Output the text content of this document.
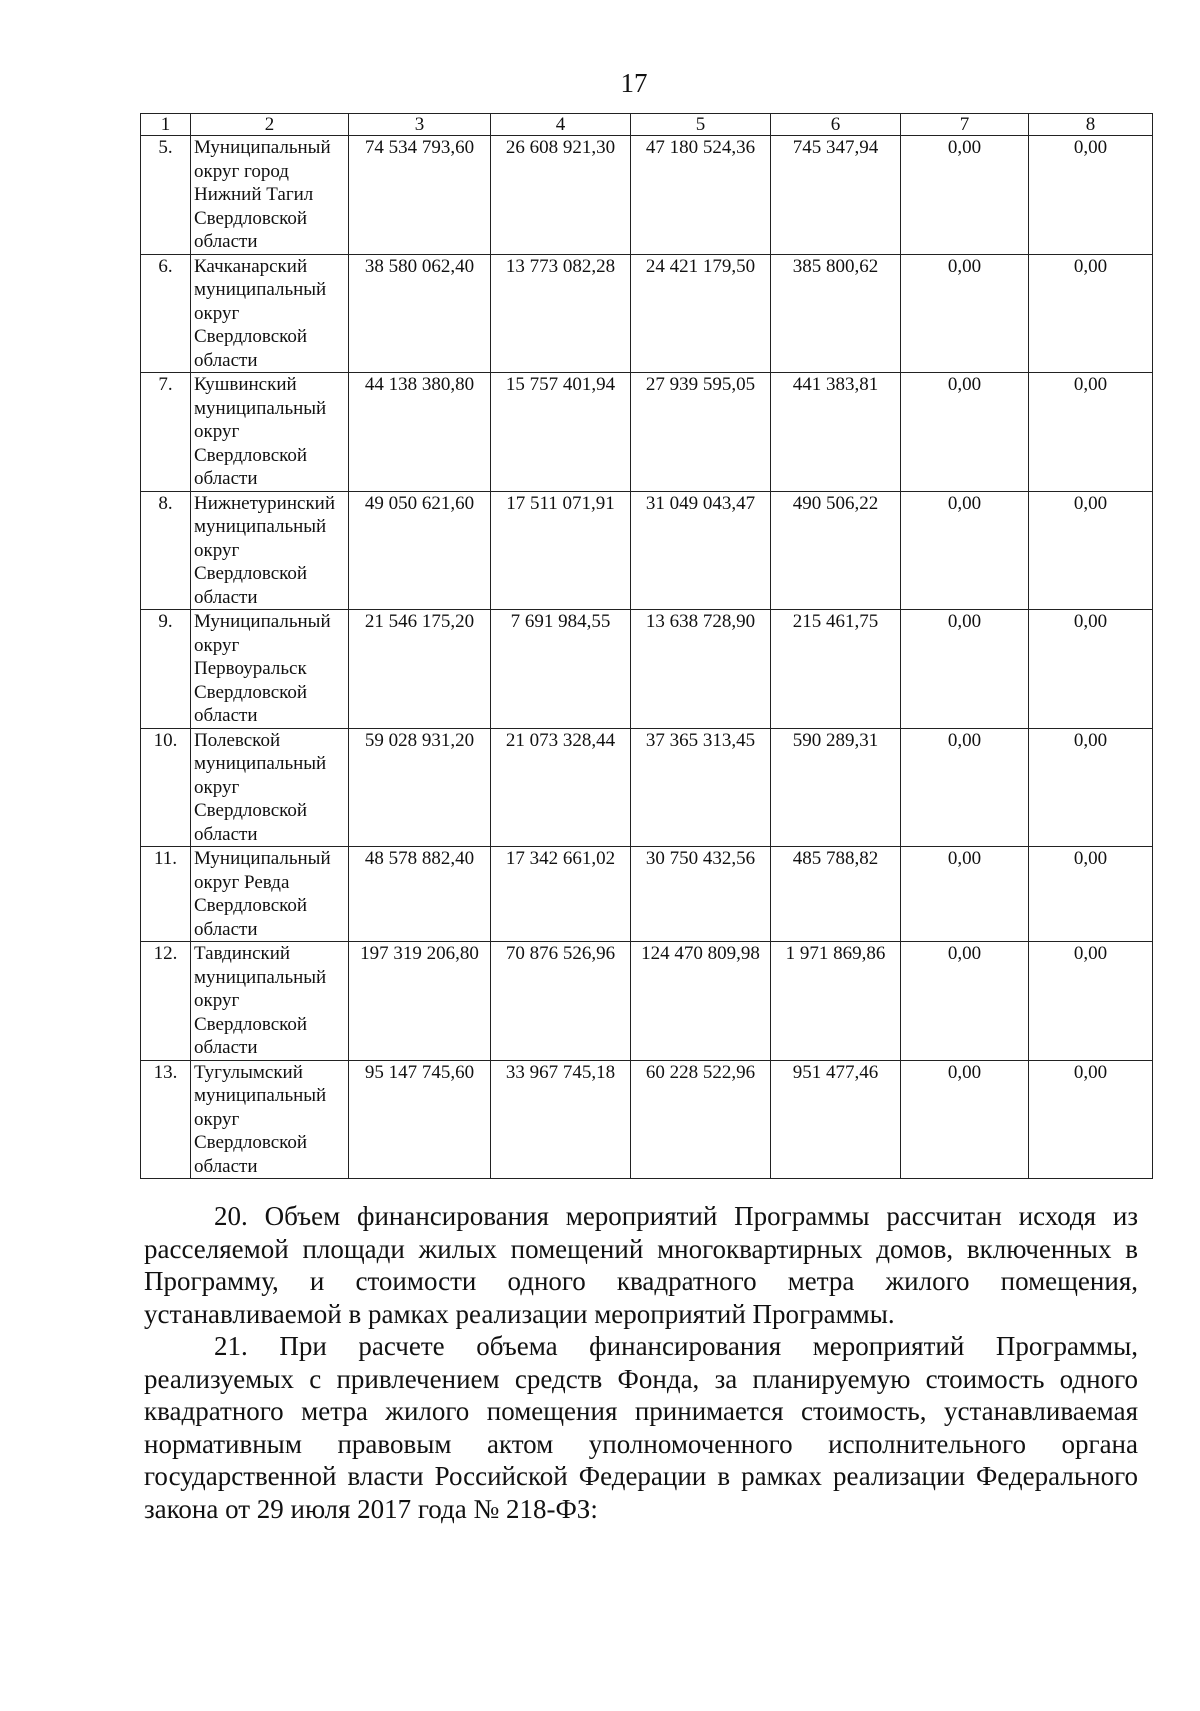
17
1	2	3	4	5	6	7	8
5.	Муниципальный округ город Нижний Тагил Свердловской области	74 534 793,60	26 608 921,30	47 180 524,36	745 347,94	0,00	0,00
6.	Качканарский муниципальный округ Свердловской области	38 580 062,40	13 773 082,28	24 421 179,50	385 800,62	0,00	0,00
7.	Кушвинский муниципальный округ Свердловской области	44 138 380,80	15 757 401,94	27 939 595,05	441 383,81	0,00	0,00
8.	Нижнетуринский муниципальный округ Свердловской области	49 050 621,60	17 511 071,91	31 049 043,47	490 506,22	0,00	0,00
9.	Муниципальный округ Первоуральск Свердловской области	21 546 175,20	7 691 984,55	13 638 728,90	215 461,75	0,00	0,00
10.	Полевской муниципальный округ Свердловской области	59 028 931,20	21 073 328,44	37 365 313,45	590 289,31	0,00	0,00
11.	Муниципальный округ Ревда Свердловской области	48 578 882,40	17 342 661,02	30 750 432,56	485 788,82	0,00	0,00
12.	Тавдинский муниципальный округ Свердловской области	197 319 206,80	70 876 526,96	124 470 809,98	1 971 869,86	0,00	0,00
13.	Тугулымский муниципальный округ Свердловской области	95 147 745,60	33 967 745,18	60 228 522,96	951 477,46	0,00	0,00

20. Объем финансирования мероприятий Программы рассчитан исходя из расселяемой площади жилых помещений многоквартирных домов, включенных в Программу, и стоимости одного квадратного метра жилого помещения, устанавливаемой в рамках реализации мероприятий Программы.

21. При расчете объема финансирования мероприятий Программы, реализуемых с привлечением средств Фонда, за планируемую стоимость одного квадратного метра жилого помещения принимается стоимость, устанавливаемая нормативным правовым актом уполномоченного исполнительного органа государственной власти Российской Федерации в рамках реализации Федерального закона от 29 июля 2017 года № 218-ФЗ:
